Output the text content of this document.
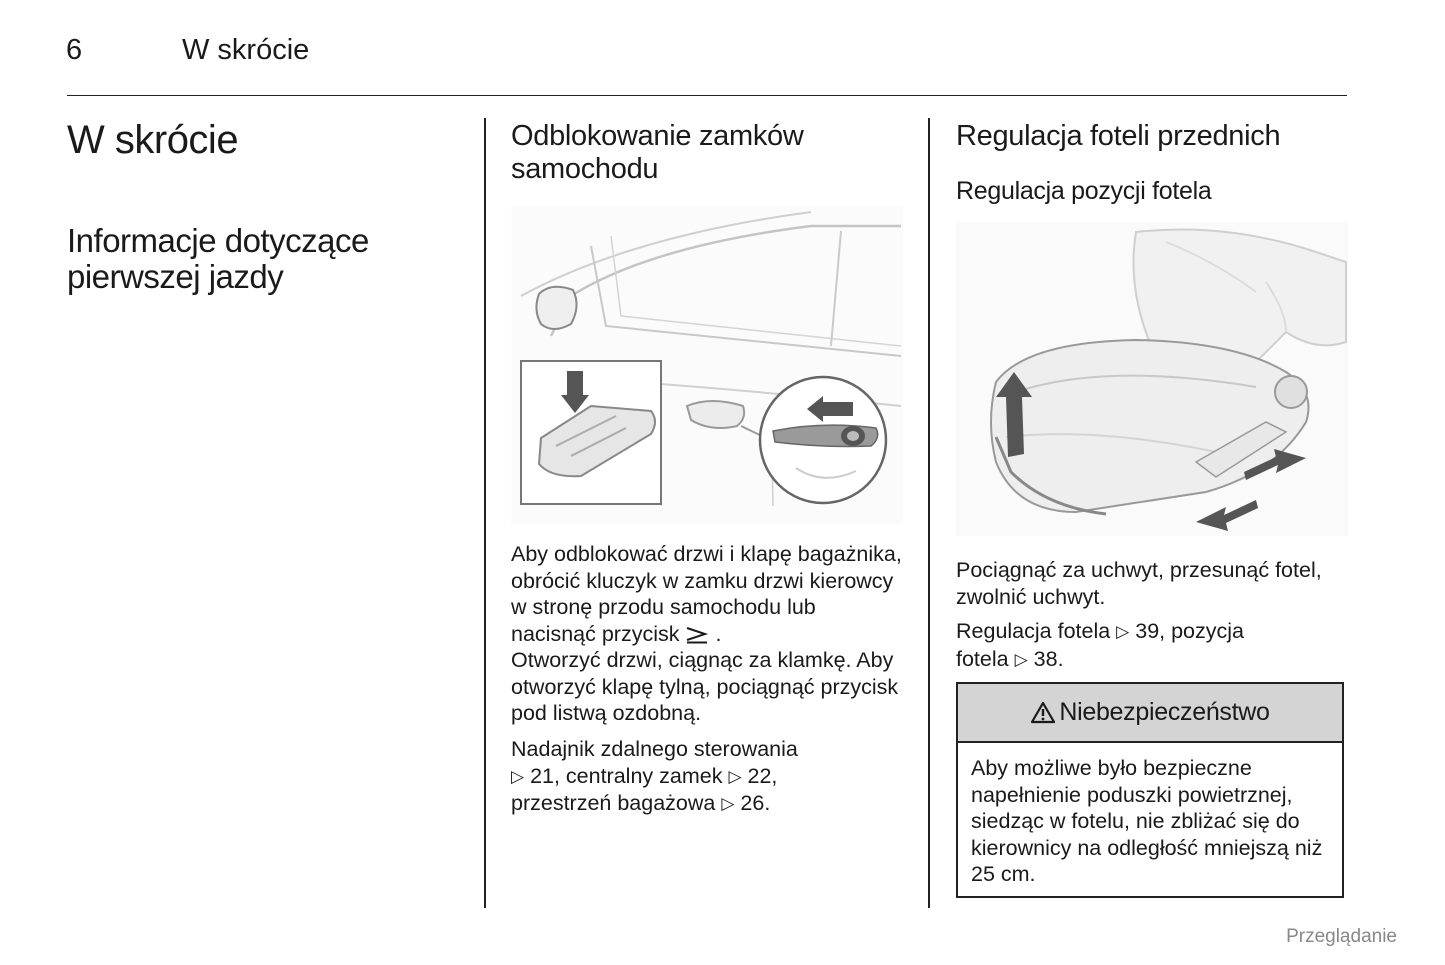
6	W skrócie
W skrócie
Informacje dotyczące pierwszej jazdy
Odblokowanie zamków samochodu
Aby odblokować drzwi i klapę bagażnika, obrócić kluczyk w zamku drzwi kierowcy w stronę przodu samochodu lub nacisnąć przycisk .
Otworzyć drzwi, ciągnąc za klamkę. Aby otworzyć klapę tylną, pociągnąć przycisk pod listwą ozdobną.
Nadajnik zdalnego sterowania
▷ 21, centralny zamek ▷ 22,
przestrzeń bagażowa ▷ 26.
Regulacja foteli przednich
Regulacja pozycji fotela
Pociągnąć za uchwyt, przesunąć fotel, zwolnić uchwyt.
Regulacja fotela ▷ 39, pozycja
fotela ▷ 38.
Niebezpieczeństwo
Aby możliwe było bezpieczne napełnienie poduszki powietrznej, siedząc w fotelu, nie zbliżać się do kierownicy na odległość mniejszą niż 25 cm.
Przeglądanie
